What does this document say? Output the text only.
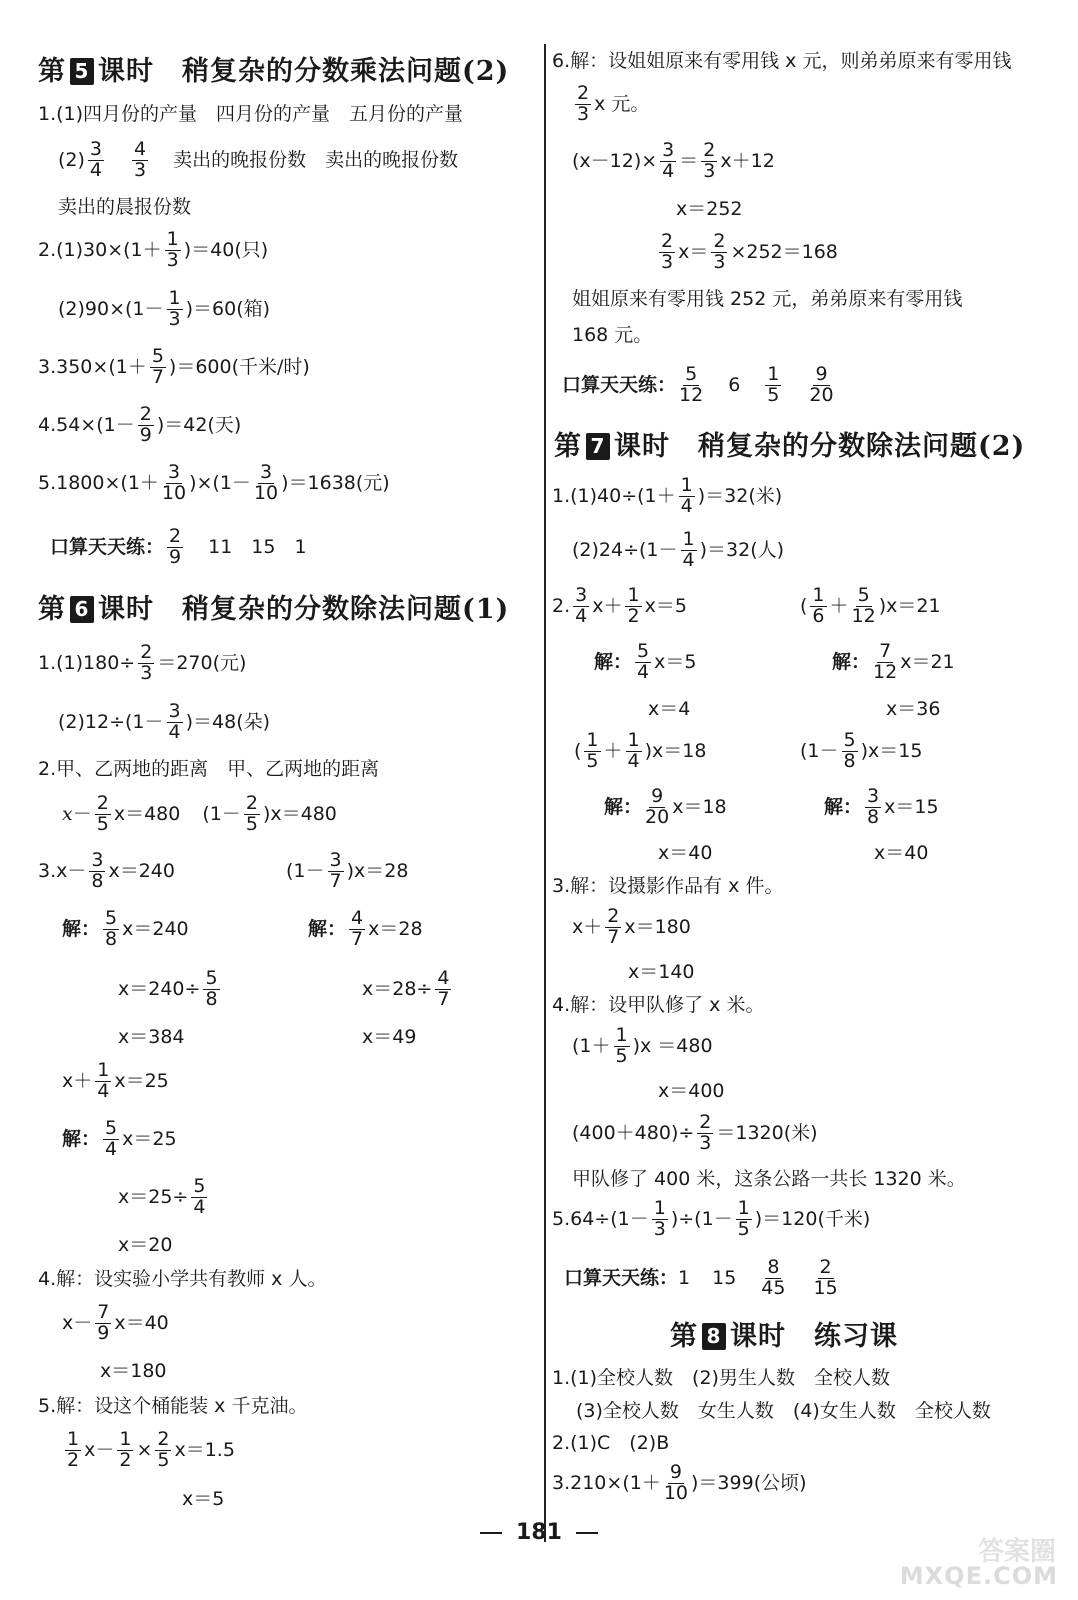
第 5 课时　稍复杂的分数乘法问题(2)
1.(1)四月份的产量　四月份的产量　五月份的产量
$(2) \frac{3}{4} \frac{4}{3}$ 卖出的晚报份数　卖出的晚报份数
卖出的晨报份数
$2.(1)30\times(1+ \frac{1}{3} )=40$(只)
$(2)90\times(1- \frac{1}{3} )=60$(箱)
$3.350\times(1+ \frac{5}{7} )=600$(千米/时)
$4.54\times(1- \frac{2}{9} )=42$(天)
$5.1800\times(1+ \frac{3}{10} )\times(1- \frac{3}{10} )=1638$(元)
口算天天练： $\frac{2}{9} 11$　15　1
第 6 课时　稍复杂的分数除法问题(1)
$1.(1)180\div \frac{2}{3} =270$(元)
$(2)12\div(1- \frac{3}{4} )=48$(朵)
2.甲、乙两地的距离　甲、乙两地的距离
$x- \frac{2}{5} x=480$ $(1- \frac{2}{5} )x=480$
$3.x- \frac{3}{8} x=240$	$(1- \frac{3}{7} )x=28$
解： $\frac{5}{8} x=240$	解： $\frac{4}{7} x=28$
$x=240\div \frac{5}{8}$	$x=28\div \frac{4}{7}$
x＝384	x＝49
$x+ \frac{1}{4} x=25$
解： $\frac{5}{4} x=25$
$x=25\div \frac{5}{4}$
x＝20
4.解：设实验小学共有教师 x 人。
$x- \frac{7}{9} x=40$
x＝180
5.解：设这个桶能装 x 千克油。
$\frac{1}{2} x- \frac{1}{2} \times \frac{2}{5} x=1.5$
x＝5
6.解：设姐姐原来有零用钱 x 元，则弟弟原来有零用钱
$\frac{2}{3}$ x 元。
$(x-12)\times \frac{3}{4} = \frac{2}{3} x+12$
x＝252
$\frac{2}{3} x= \frac{2}{3} \times 252=168$
姐姐原来有零用钱 252 元，弟弟原来有零用钱
168 元。
口算天天练： $\frac{5}{12} 6 \frac{1}{5} \frac{9}{20}$
第 7 课时　稍复杂的分数除法问题(2)
$1.(1)40\div(1+ \frac{1}{4} )=32$(米)
$(2)24\div(1- \frac{1}{4} )=32$(人)
2. $\frac{3}{4} x+ \frac{1}{2} x=5$	( $\frac{1}{6} + \frac{5}{12} )x=21$
解： $\frac{5}{4} x=5$	解： $\frac{7}{12} x=21$
x＝4	x＝36
( $\frac{1}{5} + \frac{1}{4} )x=18$	$(1- \frac{5}{8} )x=15$
解： $\frac{9}{20} x=18$	解： $\frac{3}{8} x=15$
x＝40	x＝40
3.解：设摄影作品有 x 件。
$x+ \frac{2}{7} x=180$
x＝140
4.解：设甲队修了 x 米。
$(1+ \frac{1}{5} )x =480$
x＝400
$(400+480)\div \frac{2}{3} =1320$(米)
甲队修了 400 米，这条公路一共长 1320 米。
$5.64\div(1- \frac{1}{3} )\div(1- \frac{1}{5} )=120$(千米)
口算天天练：1 $15 \frac{8}{45} \frac{2}{15}$
第 8 课时　练习课
1.(1)全校人数　(2)男生人数　全校人数
(3)全校人数　女生人数　(4)女生人数　全校人数
2.(1)C　(2)B
$3.210\times(1+ \frac{9}{10} )=399$(公顷)
181
答案圈
MXQE.COM
